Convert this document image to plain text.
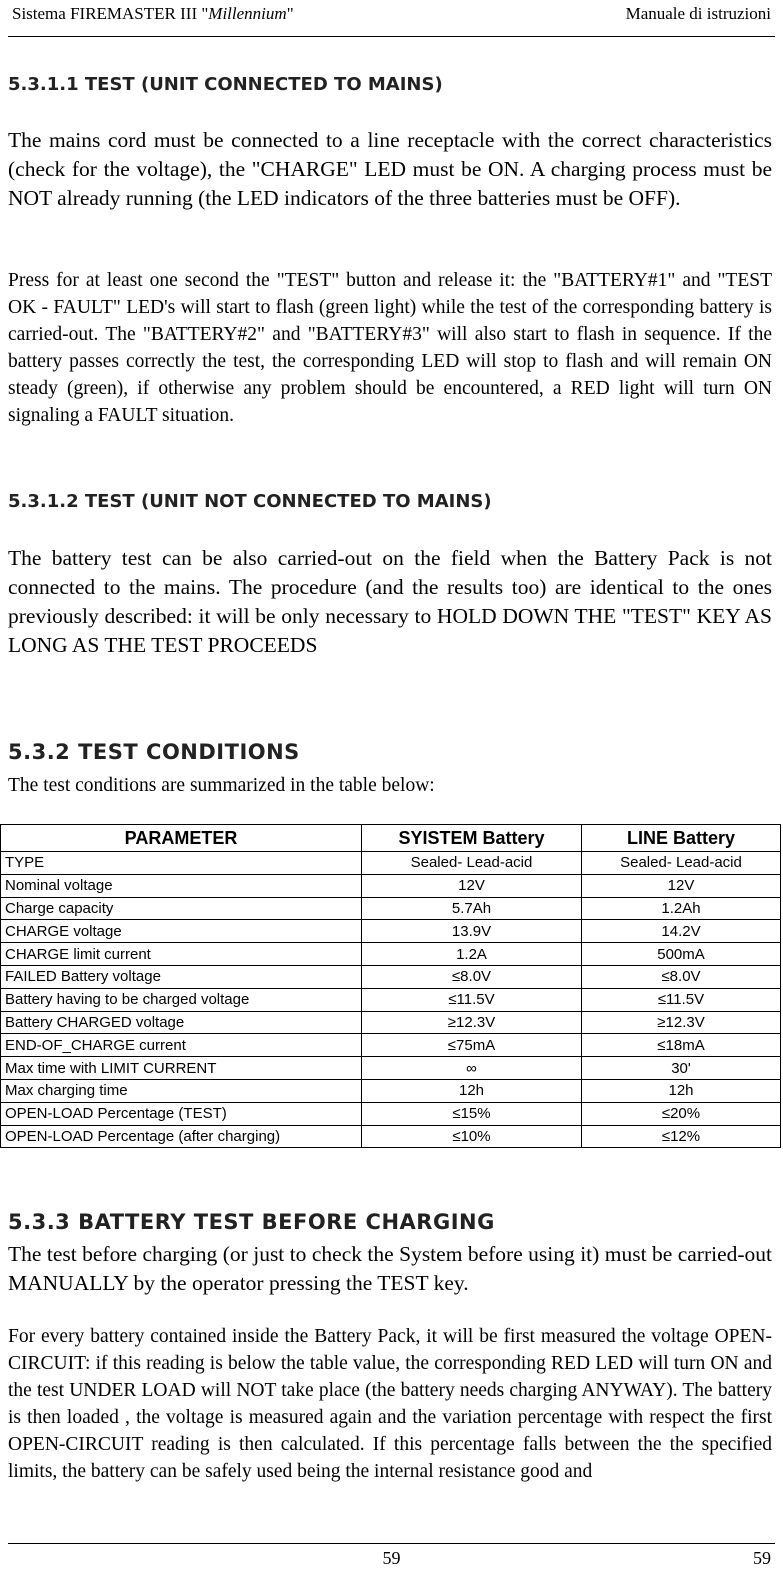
Sistema FIREMASTER III "Millennium"	Manuale di istruzioni
5.3.1.1 TEST (UNIT CONNECTED TO MAINS)

The mains cord must be connected to a line receptacle with the correct characteristics (check for the voltage), the "CHARGE" LED must be ON. A charging process must be NOT already running (the LED indicators of the three batteries must be OFF).

Press for at least one second the "TEST" button and release it: the "BATTERY#1" and "TEST OK - FAULT" LED's will start to flash (green light) while the test of the corresponding battery is carried-out. The "BATTERY#2" and "BATTERY#3" will also start to flash in sequence. If the battery passes correctly the test, the corresponding LED will stop to flash and will remain ON steady (green), if otherwise any problem should be encountered, a RED light will turn ON signaling a FAULT situation.

5.3.1.2 TEST (UNIT NOT CONNECTED TO MAINS)

The battery test can be also carried-out on the field when the Battery Pack is not connected to the mains. The procedure (and the results too) are identical to the ones previously described: it will be only necessary to HOLD DOWN THE "TEST" KEY AS LONG AS THE TEST PROCEEDS

5.3.2 TEST CONDITIONS

The test conditions are summarized in the table below:

PARAMETER	SYISTEM Battery	LINE Battery
TYPE	Sealed- Lead-acid	Sealed- Lead-acid
Nominal voltage	12V	12V
Charge capacity	5.7Ah	1.2Ah
CHARGE voltage	13.9V	14.2V
CHARGE limit current	1.2A	500mA
FAILED Battery voltage	≤8.0V	≤8.0V
Battery having to be charged voltage	≤11.5V	≤11.5V
Battery CHARGED voltage	≥12.3V	≥12.3V
END-OF_CHARGE current	≤75mA	≤18mA
Max time with LIMIT CURRENT	∞	30'
Max charging time	12h	12h
OPEN-LOAD Percentage (TEST)	≤15%	≤20%
OPEN-LOAD Percentage (after charging)	≤10%	≤12%
5.3.3 BATTERY TEST BEFORE CHARGING

The test before charging (or just to check the System before using it) must be carried-out MANUALLY by the operator pressing the TEST key.

For every battery contained inside the Battery Pack, it will be first measured the voltage OPEN-CIRCUIT: if this reading is below the table value, the corresponding RED LED will turn ON and the test UNDER LOAD will NOT take place (the battery needs charging ANYWAY). The battery is then loaded , the voltage is measured again and the variation percentage with respect the first OPEN-CIRCUIT reading is then calculated. If this percentage falls between the the specified limits, the battery can be safely used being the internal resistance good and

59	59
